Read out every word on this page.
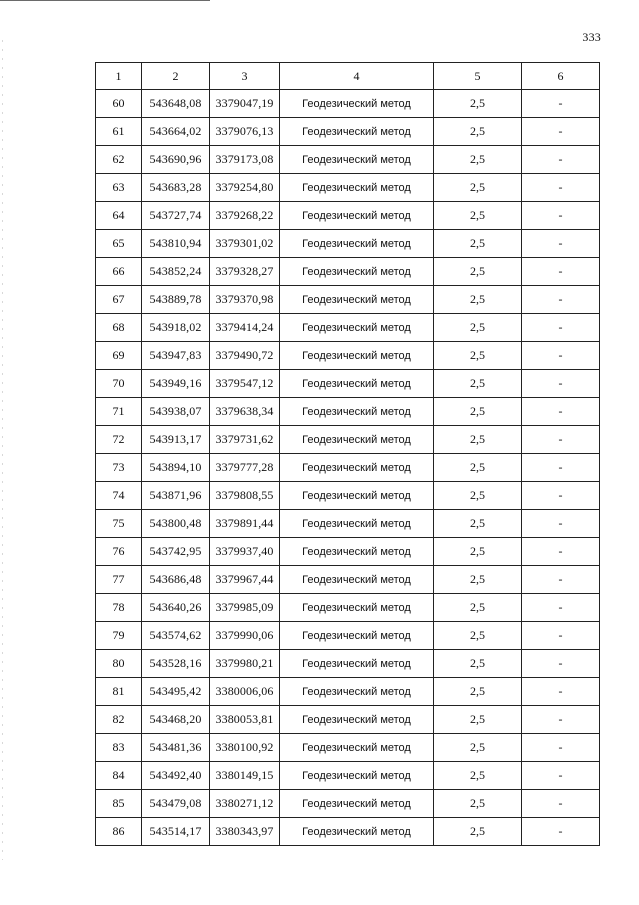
333
1	2	3	4	5	6
60	543648,08	3379047,19	Геодезический метод	2,5	-
61	543664,02	3379076,13	Геодезический метод	2,5	-
62	543690,96	3379173,08	Геодезический метод	2,5	-
63	543683,28	3379254,80	Геодезический метод	2,5	-
64	543727,74	3379268,22	Геодезический метод	2,5	-
65	543810,94	3379301,02	Геодезический метод	2,5	-
66	543852,24	3379328,27	Геодезический метод	2,5	-
67	543889,78	3379370,98	Геодезический метод	2,5	-
68	543918,02	3379414,24	Геодезический метод	2,5	-
69	543947,83	3379490,72	Геодезический метод	2,5	-
70	543949,16	3379547,12	Геодезический метод	2,5	-
71	543938,07	3379638,34	Геодезический метод	2,5	-
72	543913,17	3379731,62	Геодезический метод	2,5	-
73	543894,10	3379777,28	Геодезический метод	2,5	-
74	543871,96	3379808,55	Геодезический метод	2,5	-
75	543800,48	3379891,44	Геодезический метод	2,5	-
76	543742,95	3379937,40	Геодезический метод	2,5	-
77	543686,48	3379967,44	Геодезический метод	2,5	-
78	543640,26	3379985,09	Геодезический метод	2,5	-
79	543574,62	3379990,06	Геодезический метод	2,5	-
80	543528,16	3379980,21	Геодезический метод	2,5	-
81	543495,42	3380006,06	Геодезический метод	2,5	-
82	543468,20	3380053,81	Геодезический метод	2,5	-
83	543481,36	3380100,92	Геодезический метод	2,5	-
84	543492,40	3380149,15	Геодезический метод	2,5	-
85	543479,08	3380271,12	Геодезический метод	2,5	-
86	543514,17	3380343,97	Геодезический метод	2,5	-
